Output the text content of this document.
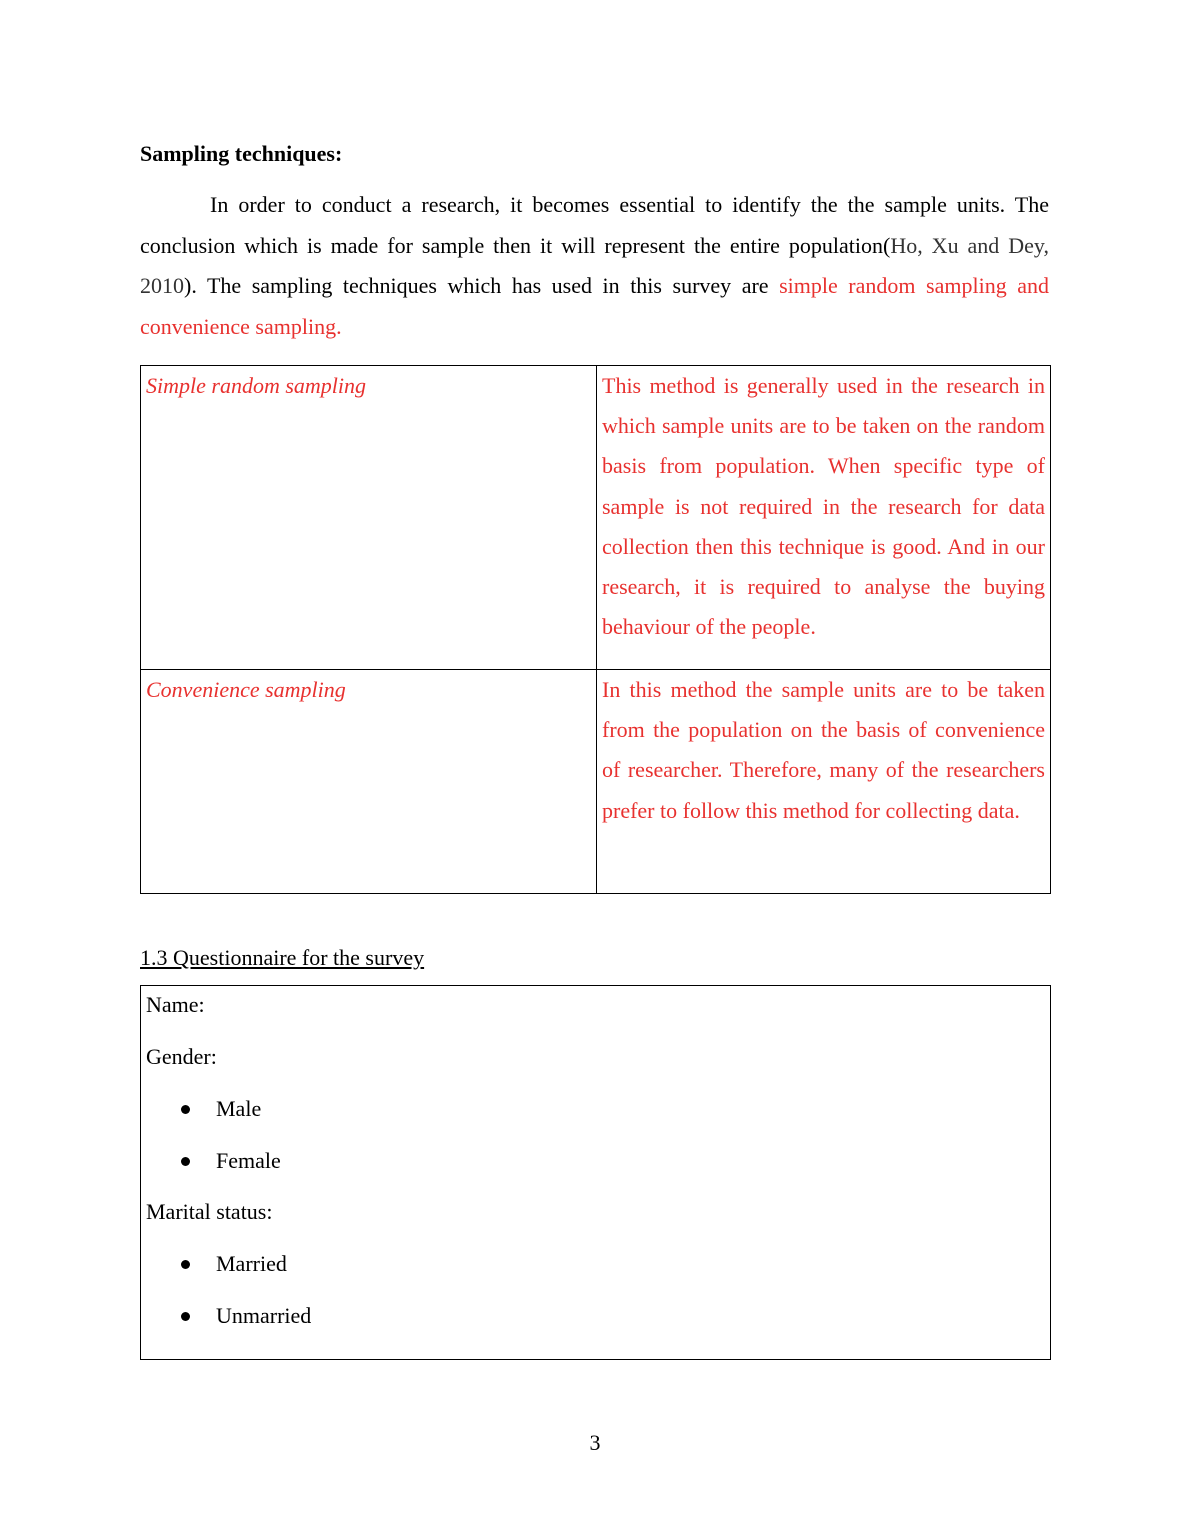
Sampling techniques:

In order to conduct a research, it becomes essential to identify the the sample units. The conclusion which is made for sample then it will represent the entire population(Ho, Xu and Dey, 2010). The sampling techniques which has used in this survey are simple random sampling and convenience sampling.

Simple random sampling	This method is generally used in the research in which sample units are to be taken on the random basis from population. When specific type of sample is not required in the research for data collection then this technique is good. And in our research, it is required to analyse the buying behaviour of the people.
Convenience sampling	In this method the sample units are to be taken from the population on the basis of convenience of researcher. Therefore, many of the researchers prefer to follow this method for collecting data.

1.3 Questionnaire for the survey

Name:

Gender:

Male
Female

Marital status:

Married
Unmarried

3
